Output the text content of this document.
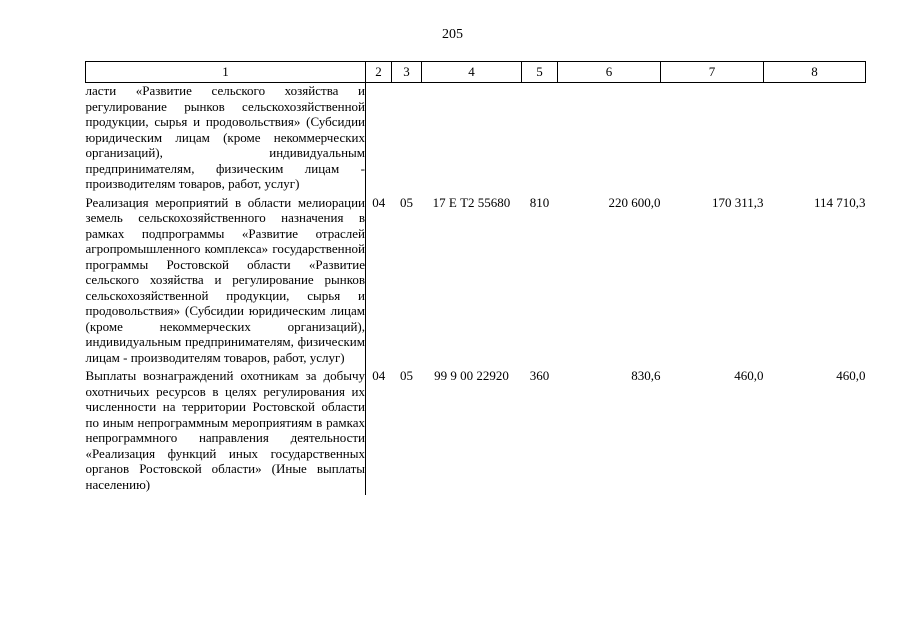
205
1	2	3	4	5	6	7	8
ласти «Развитие сельского хозяйства и регулирование рынков сельскохозяйственной продукции, сырья и продовольствия» (Субсидии юридическим лицам (кроме некоммерческих организаций), индивидуальным предпринимателям, физическим лицам - производителям товаров, работ, услуг)							
Реализация мероприятий в области мелиорации земель сельскохозяйственного назначения в рамках подпрограммы «Развитие отраслей агропромышленного комплекса» государственной программы Ростовской области «Развитие сельского хозяйства и регулирование рынков сельскохозяйственной продукции, сырья и продовольствия» (Субсидии юридическим лицам (кроме некоммерческих организаций), индивидуальным предпринимателям, физическим лицам - производителям товаров, работ, услуг)	04	05	17 Е Т2 55680	810	220 600,0	170 311,3	114 710,3
Выплаты вознаграждений охотникам за добычу охотничьих ресурсов в целях регулирования их численности на территории Ростовской области по иным непрограммным мероприятиям в рамках непрограммного направления деятельности «Реализация функций иных государственных органов Ростовской области» (Иные выплаты населению)	04	05	99 9 00 22920	360	830,6	460,0	460,0
